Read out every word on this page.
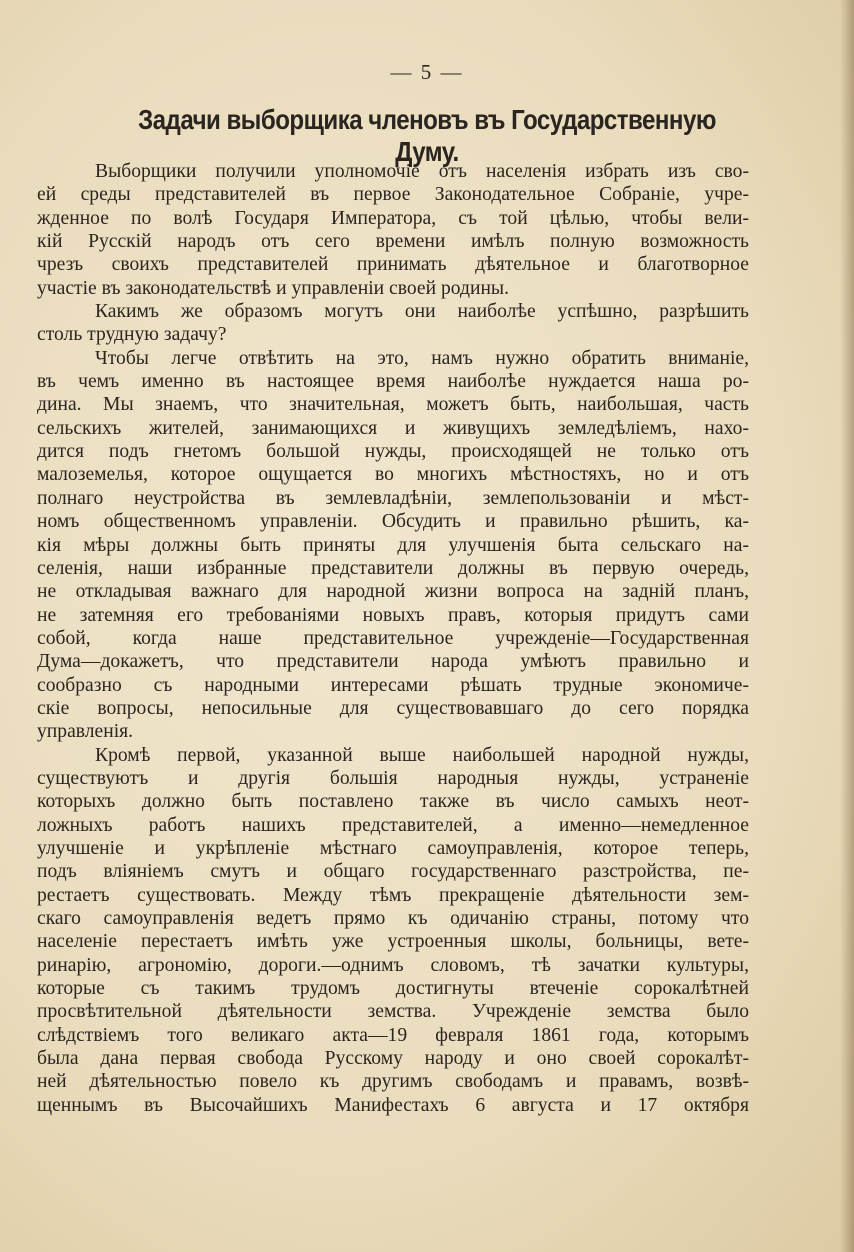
— 5 —
Задачи выборщика членовъ въ Государственную Думу.
Выборщики получили уполномочіе отъ населенія избрать изъ сво-
ей среды представителей въ первое Законодательное Собраніе, учре-
жденное по волѣ Государя Императора, съ той цѣлью, чтобы вели-
кій Русскій народъ отъ сего времени имѣлъ полную возможность
чрезъ своихъ представителей принимать дѣятельное и благотворное
участіе въ законодательствѣ и управленіи своей родины.
Какимъ же образомъ могутъ они наиболѣе успѣшно, разрѣшить
столь трудную задачу?
Чтобы легче отвѣтить на это, намъ нужно обратить вниманіе,
въ чемъ именно въ настоящее время наиболѣе нуждается наша ро-
дина. Мы знаемъ, что значительная, можетъ быть, наибольшая, часть
сельскихъ жителей, занимающихся и живущихъ земледѣліемъ, нахо-
дится подъ гнетомъ большой нужды, происходящей не только отъ
малоземелья, которое ощущается во многихъ мѣстностяхъ, но и отъ
полнаго неустройства въ землевладѣніи, землепользованіи и мѣст-
номъ общественномъ управленіи. Обсудить и правильно рѣшить, ка-
кія мѣры должны быть приняты для улучшенія быта сельскаго на-
селенія, наши избранные представители должны въ первую очередь,
не откладывая важнаго для народной жизни вопроса на задній планъ,
не затемняя его требованіями новыхъ правъ, которыя придутъ сами
собой, когда наше представительное учрежденіе—Государственная
Дума—докажетъ, что представители народа умѣютъ правильно и
сообразно съ народными интересами рѣшать трудные экономиче-
скіе вопросы, непосильные для существовавшаго до сего порядка
управленія.
Кромѣ первой, указанной выше наибольшей народной нужды,
существуютъ и другія большія народныя нужды, устраненіе
которыхъ должно быть поставлено также въ число самыхъ неот-
ложныхъ работъ нашихъ представителей, а именно—немедленное
улучшеніе и укрѣпленіе мѣстнаго самоуправленія, которое теперь,
подъ вліяніемъ смутъ и общаго государственнаго разстройства, пе-
рестаетъ существовать. Между тѣмъ прекращеніе дѣятельности зем-
скаго самоуправленія ведетъ прямо къ одичанію страны, потому что
населеніе перестаетъ имѣть уже устроенныя школы, больницы, вете-
ринарію, агрономію, дороги.—однимъ словомъ, тѣ зачатки культуры,
которые съ такимъ трудомъ достигнуты втеченіе сорокалѣтней
просвѣтительной дѣятельности земства. Учрежденіе земства было
слѣдствіемъ того великаго акта—19 февраля 1861 года, которымъ
была дана первая свобода Русскому народу и оно своей сорокалѣт-
ней дѣятельностью повело къ другимъ свободамъ и правамъ, возвѣ-
щеннымъ въ Высочайшихъ Манифестахъ 6 августа и 17 октября
